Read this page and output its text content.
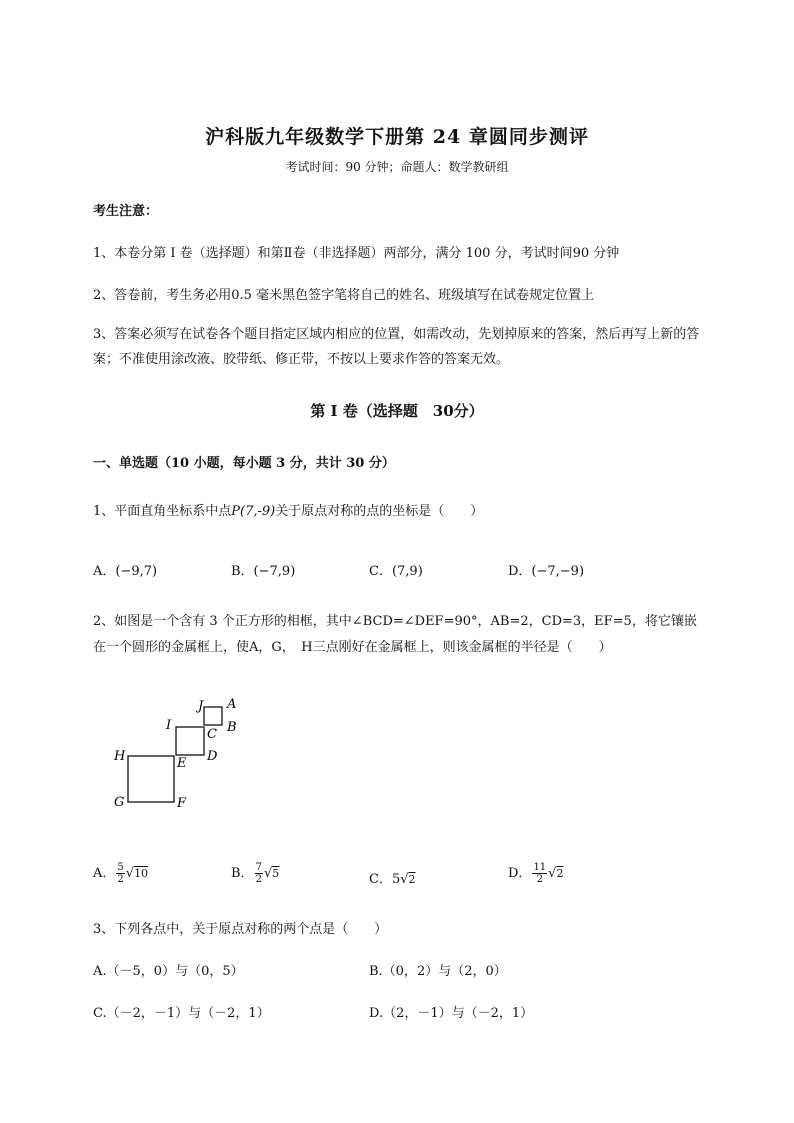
沪科版九年级数学下册第 24 章圆同步测评
考试时间：90 分钟；命题人：数学教研组
考生注意：
1、本卷分第 I 卷（选择题）和第Ⅱ卷（非选择题）两部分，满分 100 分，考试时间90 分钟
2、答卷前，考生务必用0.5 毫米黑色签字笔将自己的姓名、班级填写在试卷规定位置上
3、答案必须写在试卷各个题目指定区域内相应的位置，如需改动，先划掉原来的答案，然后再写上新的答案；不准使用涂改液、胶带纸、修正带，不按以上要求作答的答案无效。
第 I 卷（选择题　30分）
一、单选题（10 小题，每小题 3 分，共计 30 分）
1、平面直角坐标系中点P(7,-9)关于原点对称的点的坐标是（　　）
A．(−9,7)	B．(−7,9)	C．(7,9)	D．(−7,−9)
2、如图是一个含有 3 个正方形的相框，其中∠BCD=∠DEF=90°，AB=2，CD=3，EF=5，将它镶嵌
在一个圆形的金属框上，使A，G，　H三点刚好在金属框上，则该金属框的半径是（　　）
J A
B
C
I
H	E D
G	F
A． $\frac{5}{2} √10$	B． $\frac{7}{2} √5$	C．5√2	D． $\frac{11}{2} √2$
3、下列各点中，关于原点对称的两个点是（　　）
A.（－5，0）与（0，5）	B.（0，2）与（2，0）
C.（－2，－1）与（－2，1）	D.（2，－1）与（－2，1）
